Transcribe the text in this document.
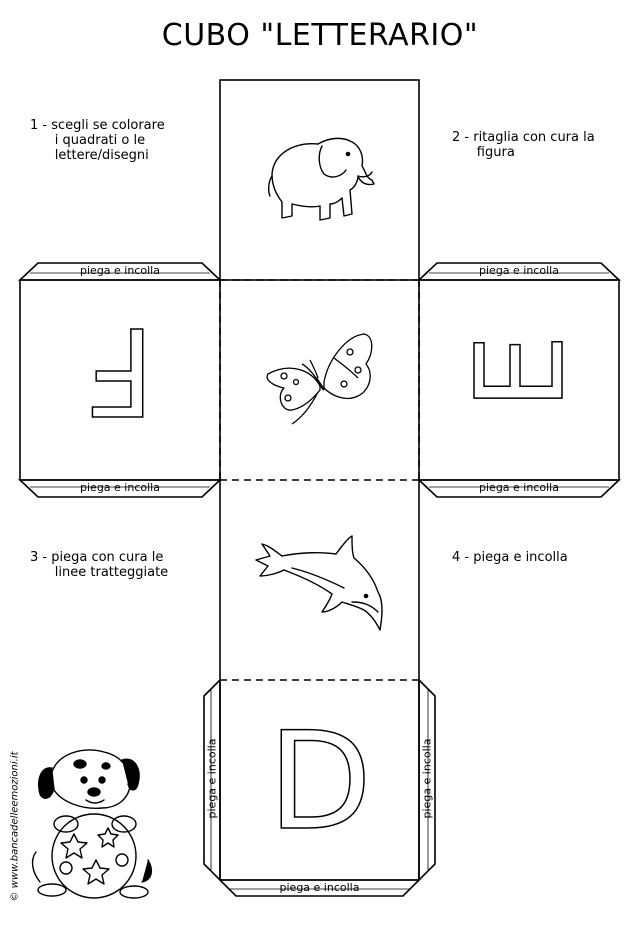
CUBO "LETTERARIO"
1 - scegli se colorare
i quadrati o le
lettere/disegni
2 - ritaglia con cura la
figura
3 - piega con cura le
linee tratteggiate
4 - piega e incolla
piega e incolla	piega e incolla
piega e incolla	piega e incolla
piega e incolla
piega e incolla	piega e incolla
F E
D
© www.bancadelleemozioni.it
